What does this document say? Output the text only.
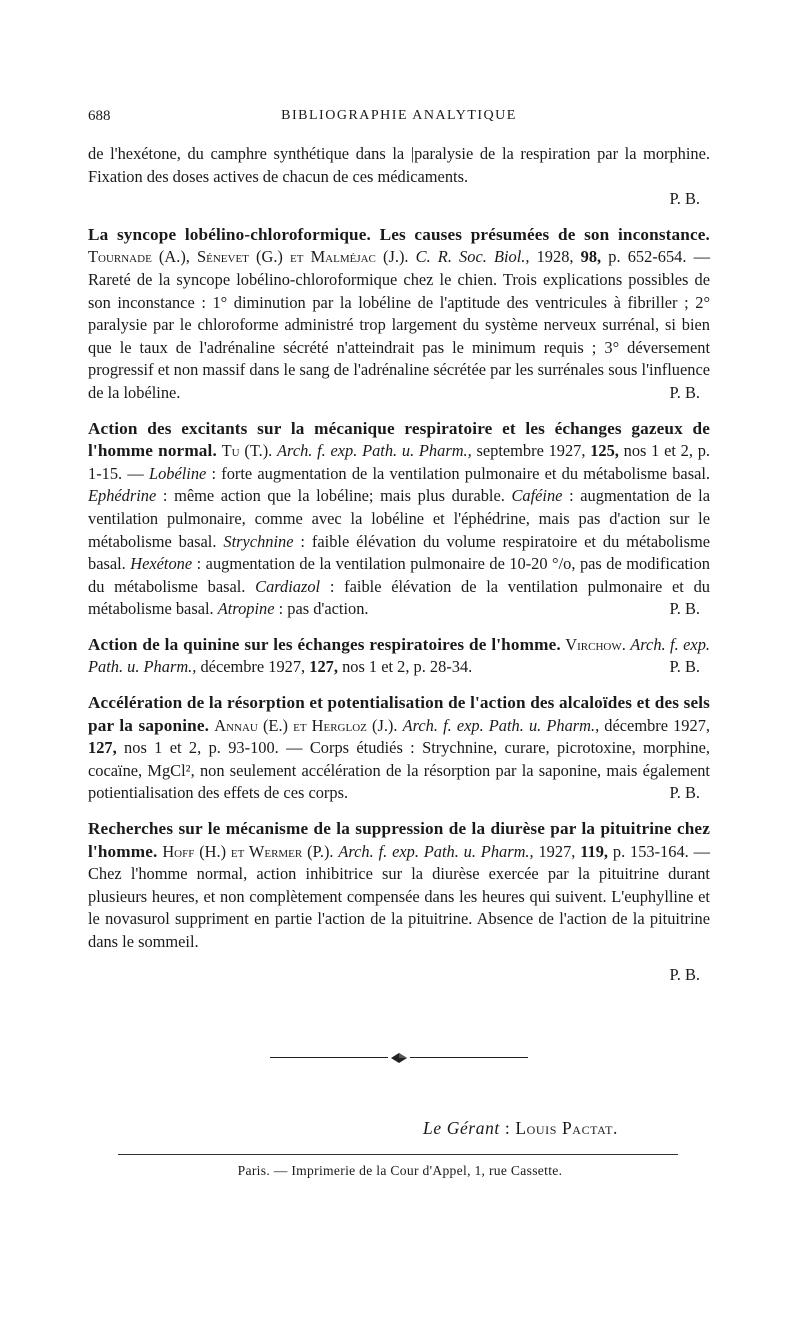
688	BIBLIOGRAPHIE ANALYTIQUE

de l'hexétone, du camphre synthétique dans la |paralysie de la respiration par la morphine. Fixation des doses actives de chacun de ces médicaments.
P. B.

La syncope lobélino-chloroformique. Les causes présumées de son inconstance. Tournade (A.), Sénevet (G.) et Malméjac (J.). C. R. Soc. Biol., 1928, 98, p. 652-654. — Rareté de la syncope lobélino-chloroformique chez le chien. Trois explications possibles de son inconstance : 1° diminution par la lobéline de l'aptitude des ventricules à fibriller ; 2° paralysie par le chloroforme administré trop largement du système nerveux surrénal, si bien que le taux de l'adrénaline sécrété n'atteindrait pas le minimum requis ; 3° déversement progressif et non massif dans le sang de l'adrénaline sécrétée par les surrénales sous l'influence de la lobéline.	P. B.

Action des excitants sur la mécanique respiratoire et les échanges gazeux de l'homme normal. Tu (T.). Arch. f. exp. Path. u. Pharm., septembre 1927, 125, nos 1 et 2, p. 1-15. — Lobéline : forte augmentation de la ventilation pulmonaire et du métabolisme basal. Ephédrine : même action que la lobéline; mais plus durable. Caféine : augmentation de la ventilation pulmonaire, comme avec la lobéline et l'éphédrine, mais pas d'action sur le métabolisme basal. Strychnine : faible élévation du volume respiratoire et du métabolisme basal. Hexétone : augmentation de la ventilation pulmonaire de 10-20 °/o, pas de modification du métabolisme basal. Cardiazol : faible élévation de la ventilation pulmonaire et du métabolisme basal. Atropine : pas d'action.	P. B.

Action de la quinine sur les échanges respiratoires de l'homme. Virchow. Arch. f. exp. Path. u. Pharm., décembre 1927, 127, nos 1 et 2, p. 28-34.	P. B.

Accélération de la résorption et potentialisation de l'action des alcaloïdes et des sels par la saponine. Annau (E.) et Hergloz (J.). Arch. f. exp. Path. u. Pharm., décembre 1927, 127, nos 1 et 2, p. 93-100. — Corps étudiés : Strychnine, curare, picrotoxine, morphine, cocaïne, MgCl², non seulement accélération de la résorption par la saponine, mais également potientialisation des effets de ces corps.	P. B.

Recherches sur le mécanisme de la suppression de la diurèse par la pituitrine chez l'homme. Hoff (H.) et Wermer (P.). Arch. f. exp. Path. u. Pharm., 1927, 119, p. 153-164. — Chez l'homme normal, action inhibitrice sur la diurèse exercée par la pituitrine durant plusieurs heures, et non complètement compensée dans les heures qui suivent. L'euphylline et le novasurol suppriment en partie l'action de la pituitrine. Absence de l'action de la pituitrine dans le sommeil.
P. B.

Le Gérant : Louis Pactat.
Paris. — Imprimerie de la Cour d'Appel, 1, rue Cassette.
